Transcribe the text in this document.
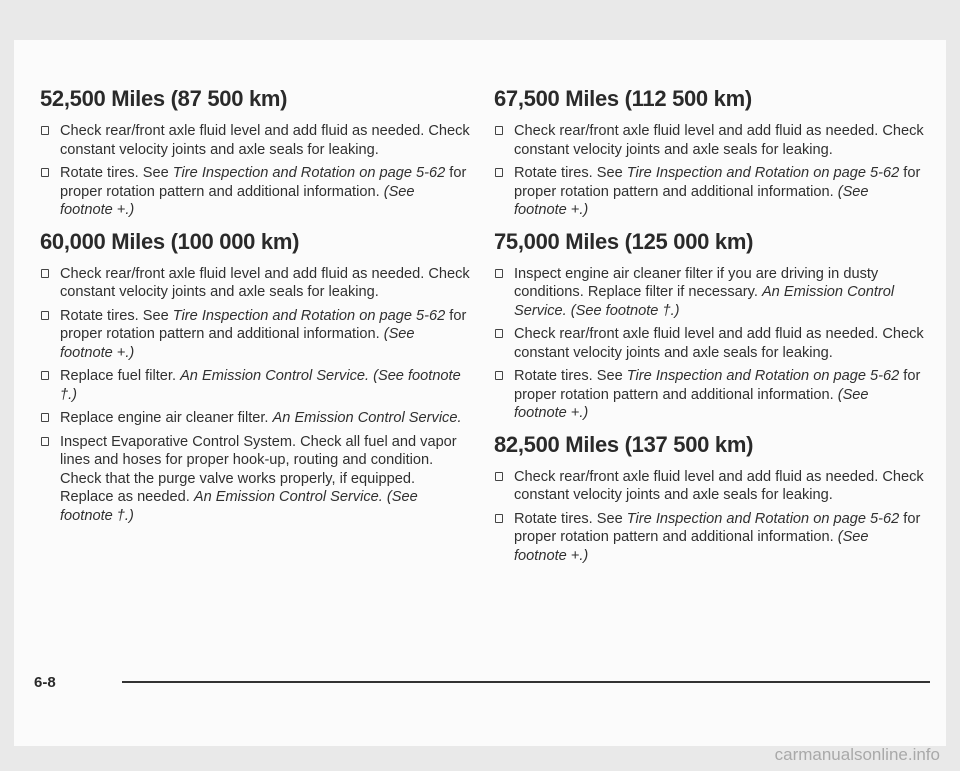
52,500 Miles (87 500 km)
Check rear/front axle fluid level and add fluid as needed. Check constant velocity joints and axle seals for leaking.
Rotate tires. See Tire Inspection and Rotation on page 5-62 for proper rotation pattern and additional information. (See footnote +.)
60,000 Miles (100 000 km)
Check rear/front axle fluid level and add fluid as needed. Check constant velocity joints and axle seals for leaking.
Rotate tires. See Tire Inspection and Rotation on page 5-62 for proper rotation pattern and additional information. (See footnote +.)
Replace fuel filter. An Emission Control Service. (See footnote †.)
Replace engine air cleaner filter. An Emission Control Service.
Inspect Evaporative Control System. Check all fuel and vapor lines and hoses for proper hook-up, routing and condition. Check that the purge valve works properly, if equipped. Replace as needed. An Emission Control Service. (See footnote †.)
67,500 Miles (112 500 km)
Check rear/front axle fluid level and add fluid as needed. Check constant velocity joints and axle seals for leaking.
Rotate tires. See Tire Inspection and Rotation on page 5-62 for proper rotation pattern and additional information. (See footnote +.)
75,000 Miles (125 000 km)
Inspect engine air cleaner filter if you are driving in dusty conditions. Replace filter if necessary. An Emission Control Service. (See footnote †.)
Check rear/front axle fluid level and add fluid as needed. Check constant velocity joints and axle seals for leaking.
Rotate tires. See Tire Inspection and Rotation on page 5-62 for proper rotation pattern and additional information. (See footnote +.)
82,500 Miles (137 500 km)
Check rear/front axle fluid level and add fluid as needed. Check constant velocity joints and axle seals for leaking.
Rotate tires. See Tire Inspection and Rotation on page 5-62 for proper rotation pattern and additional information. (See footnote +.)
6-8
carmanualsonline.info
